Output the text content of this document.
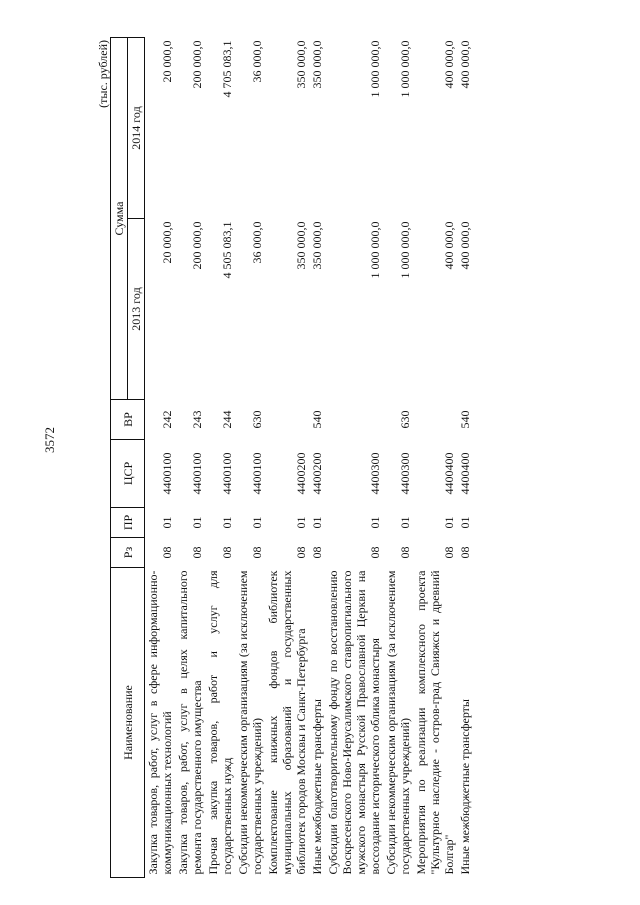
3572
(тыс. рублей)
Наименование	Рз	ПР	ЦСР	ВР	Сумма	
					2013 год	2014 год
Закупка товаров, работ, услуг в сфере информационно-коммуникационных технологий	08	01	4400100	242	20 000,0	20 000,0
Закупка товаров, работ, услуг в целях капитального ремонта государственного имущества	08	01	4400100	243	200 000,0	200 000,0
Прочая закупка товаров, работ и услуг для государственных нужд	08	01	4400100	244	4 505 083,1	4 705 083,1
Субсидии некоммерческим организациям (за исключением государственных учреждений)	08	01	4400100	630	36 000,0	36 000,0
Комплектование книжных фондов библиотек муниципальных образований и государственных библиотек городов Москвы и Санкт-Петербурга	08	01	4400200		350 000,0	350 000,0
Иные межбюджетные трансферты	08	01	4400200	540	350 000,0	350 000,0
Субсидии благотворительному фонду по восстановлению Воскресенского Ново-Иерусалимского ставропигиального мужского монастыря Русской Православной Церкви на воссоздание исторического облика монастыря	08	01	4400300		1 000 000,0	1 000 000,0
Субсидии некоммерческим организациям (за исключением государственных учреждений)	08	01	4400300	630	1 000 000,0	1 000 000,0
Мероприятия по реализации комплексного проекта "Культурное наследие - остров-град Свияжск и древний Болгар"	08	01	4400400		400 000,0	400 000,0
Иные межбюджетные трансферты	08	01	4400400	540	400 000,0	400 000,0
